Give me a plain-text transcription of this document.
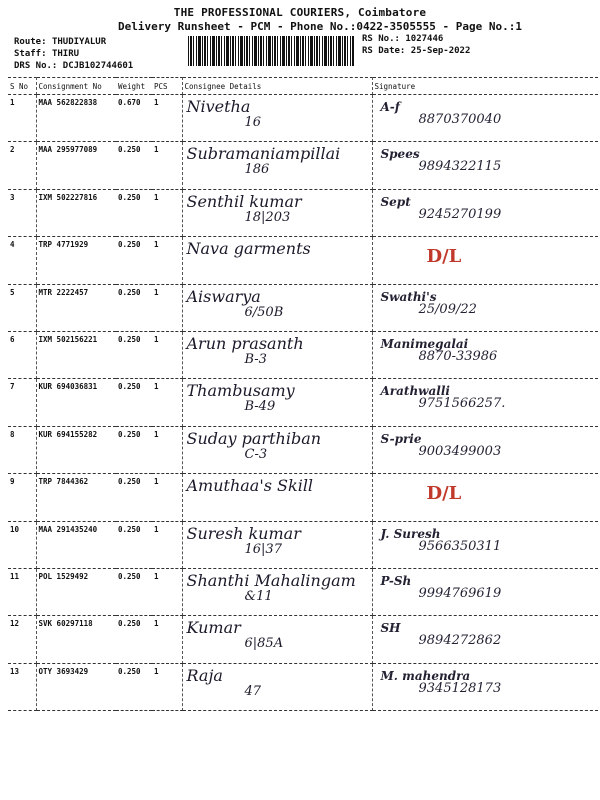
THE PROFESSIONAL COURIERS, Coimbatore
Delivery Runsheet - PCM - Phone No.:0422-3505555 - Page No.:1
Route: THUDIYALUR
Staff: THIRU
DRS No.: DCJB102744601
RS No.: 1027446
RS Date: 25-Sep-2022
S No	Consignment No	Weight	PCS	Consignee Details	Signature
1	MAA 562822838	0.670	1	Nivetha
16	A-f
8870370040

2	MAA 295977089	0.250	1	Subramaniampillai
186	Spees
9894322115

3	IXM 502227816	0.250	1	Senthil kumar
18|203	Sept
9245270199

4	TRP 4771929	0.250	1	Nava garments	D/L

5	MTR 2222457	0.250	1	Aiswarya
6/50B	Swathi's
25/09/22

6	IXM 502156221	0.250	1	Arun prasanth
B-3	Manimegalai
8870-33986

7	KUR 694036831	0.250	1	Thambusamy
B-49	Arathwalli
9751566257.

8	KUR 694155282	0.250	1	Suday parthiban
C-3	S-prie
9003499003

9	TRP 7844362	0.250	1	Amuthaa's Skill	D/L

10	MAA 291435240	0.250	1	Suresh kumar
16|37	J. Suresh
9566350311

11	POL 1529492	0.250	1	Shanthi Mahalingam
&11	P-Sh
9994769619

12	SVK 60297118	0.250	1	Kumar
6|85A	SH
9894272862

13	OTY 3693429	0.250	1	Raja
47	M. mahendra
9345128173
